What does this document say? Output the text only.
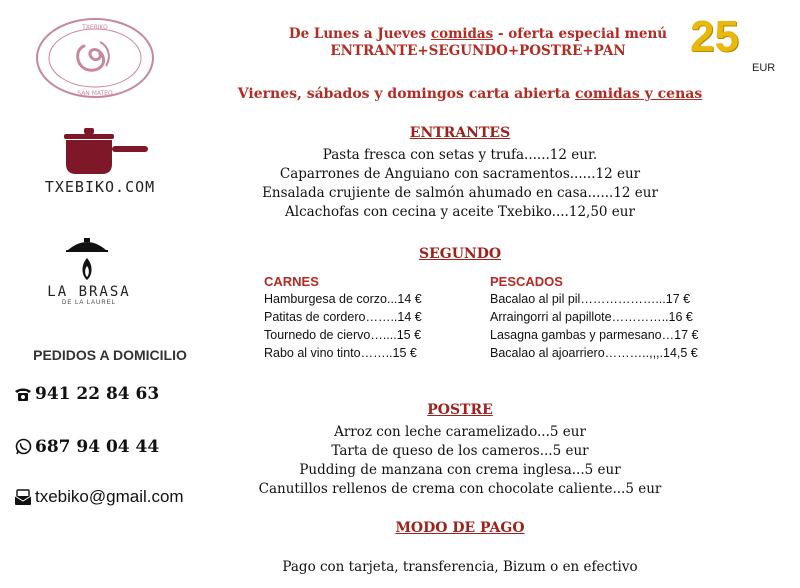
TXEBIKO
SAN MATEO
TXEBIKO.COM
LA BRASA
DE LA LAUREL
PEDIDOS A DOMICILIO
941 22 84 63
687 94 04 44
txebiko@gmail.com
De Lunes a Jueves comidas - oferta especial menú
ENTRANTE+SEGUNDO+POSTRE+PAN	25
EUR
Viernes, sábados y domingos carta abierta comidas y cenas
ENTRANTES
Pasta fresca con setas y trufa......12 eur.
Caparrones de Anguiano con sacramentos......12 eur
Ensalada crujiente de salmón ahumado en casa......12 eur
Alcachofas con cecina y aceite Txebiko....12,50 eur
SEGUNDO
CARNES
Hamburgesa de corzo...14 €
Patitas de cordero……..14 €
Tournedo de ciervo…....15 €
Rabo al vino tinto……..15 €
PESCADOS
Bacalao al pil pil………………...17 €
Arraingorri al papillote…………..16 €
Lasagna gambas y parmesano…17 €
Bacalao al ajoarriero………..,,,.14,5 €
POSTRE
Arroz con leche caramelizado...5 eur
Tarta de queso de los cameros...5 eur
Pudding de manzana con crema inglesa...5 eur
Canutillos rellenos de crema con chocolate caliente...5 eur
MODO DE PAGO
Pago con tarjeta, transferencia, Bizum o en efectivo
